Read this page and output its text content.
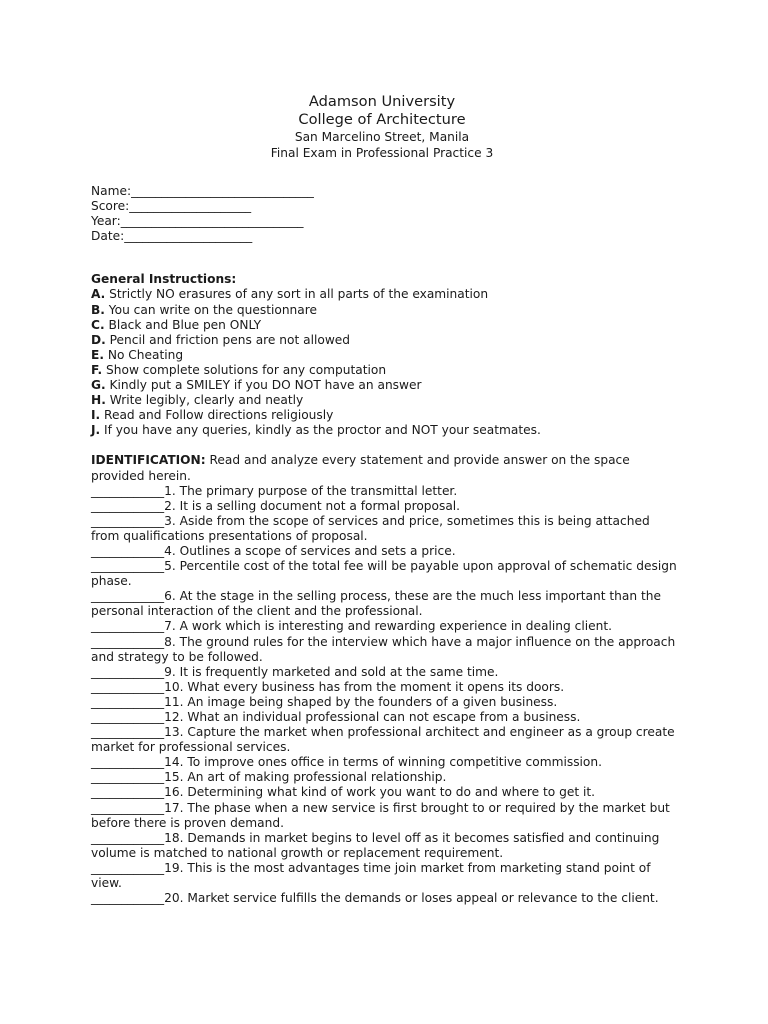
Adamson University
College of Architecture
San Marcelino Street, Manila
Final Exam in Professional Practice 3
Name:______________________________
Score:____________________
Year:______________________________
Date:_____________________
General Instructions:
A. Strictly NO erasures of any sort in all parts of the examination
B. You can write on the questionnare
C. Black and Blue pen ONLY
D. Pencil and friction pens are not allowed
E. No Cheating
F. Show complete solutions for any computation
G. Kindly put a SMILEY if you DO NOT have an answer
H. Write legibly, clearly and neatly
I. Read and Follow directions religiously
J. If you have any queries, kindly as the proctor and NOT your seatmates.
IDENTIFICATION: Read and analyze every statement and provide answer on the space provided herein.
____________1. The primary purpose of the transmittal letter.
____________2. It is a selling document not a formal proposal.
____________3. Aside from the scope of services and price, sometimes this is being attached from qualifications presentations of proposal.
____________4. Outlines a scope of services and sets a price.
____________5. Percentile cost of the total fee will be payable upon approval of schematic design phase.
____________6. At the stage in the selling process, these are the much less important than the personal interaction of the client and the professional.
____________7. A work which is interesting and rewarding experience in dealing client.
____________8. The ground rules for the interview which have a major influence on the approach and strategy to be followed.
____________9. It is frequently marketed and sold at the same time.
____________10. What every business has from the moment it opens its doors.
____________11. An image being shaped by the founders of a given business.
____________12. What an individual professional can not escape from a business.
____________13. Capture the market when professional architect and engineer as a group create market for professional services.
____________14. To improve ones office in terms of winning competitive commission.
____________15. An art of making professional relationship.
____________16. Determining what kind of work you want to do and where to get it.
____________17. The phase when a new service is first brought to or required by the market but before there is proven demand.
____________18. Demands in market begins to level off as it becomes satisfied and continuing volume is matched to national growth or replacement requirement.
____________19. This is the most advantages time join market from marketing stand point of view.
____________20. Market service fulfills the demands or loses appeal or relevance to the client.
